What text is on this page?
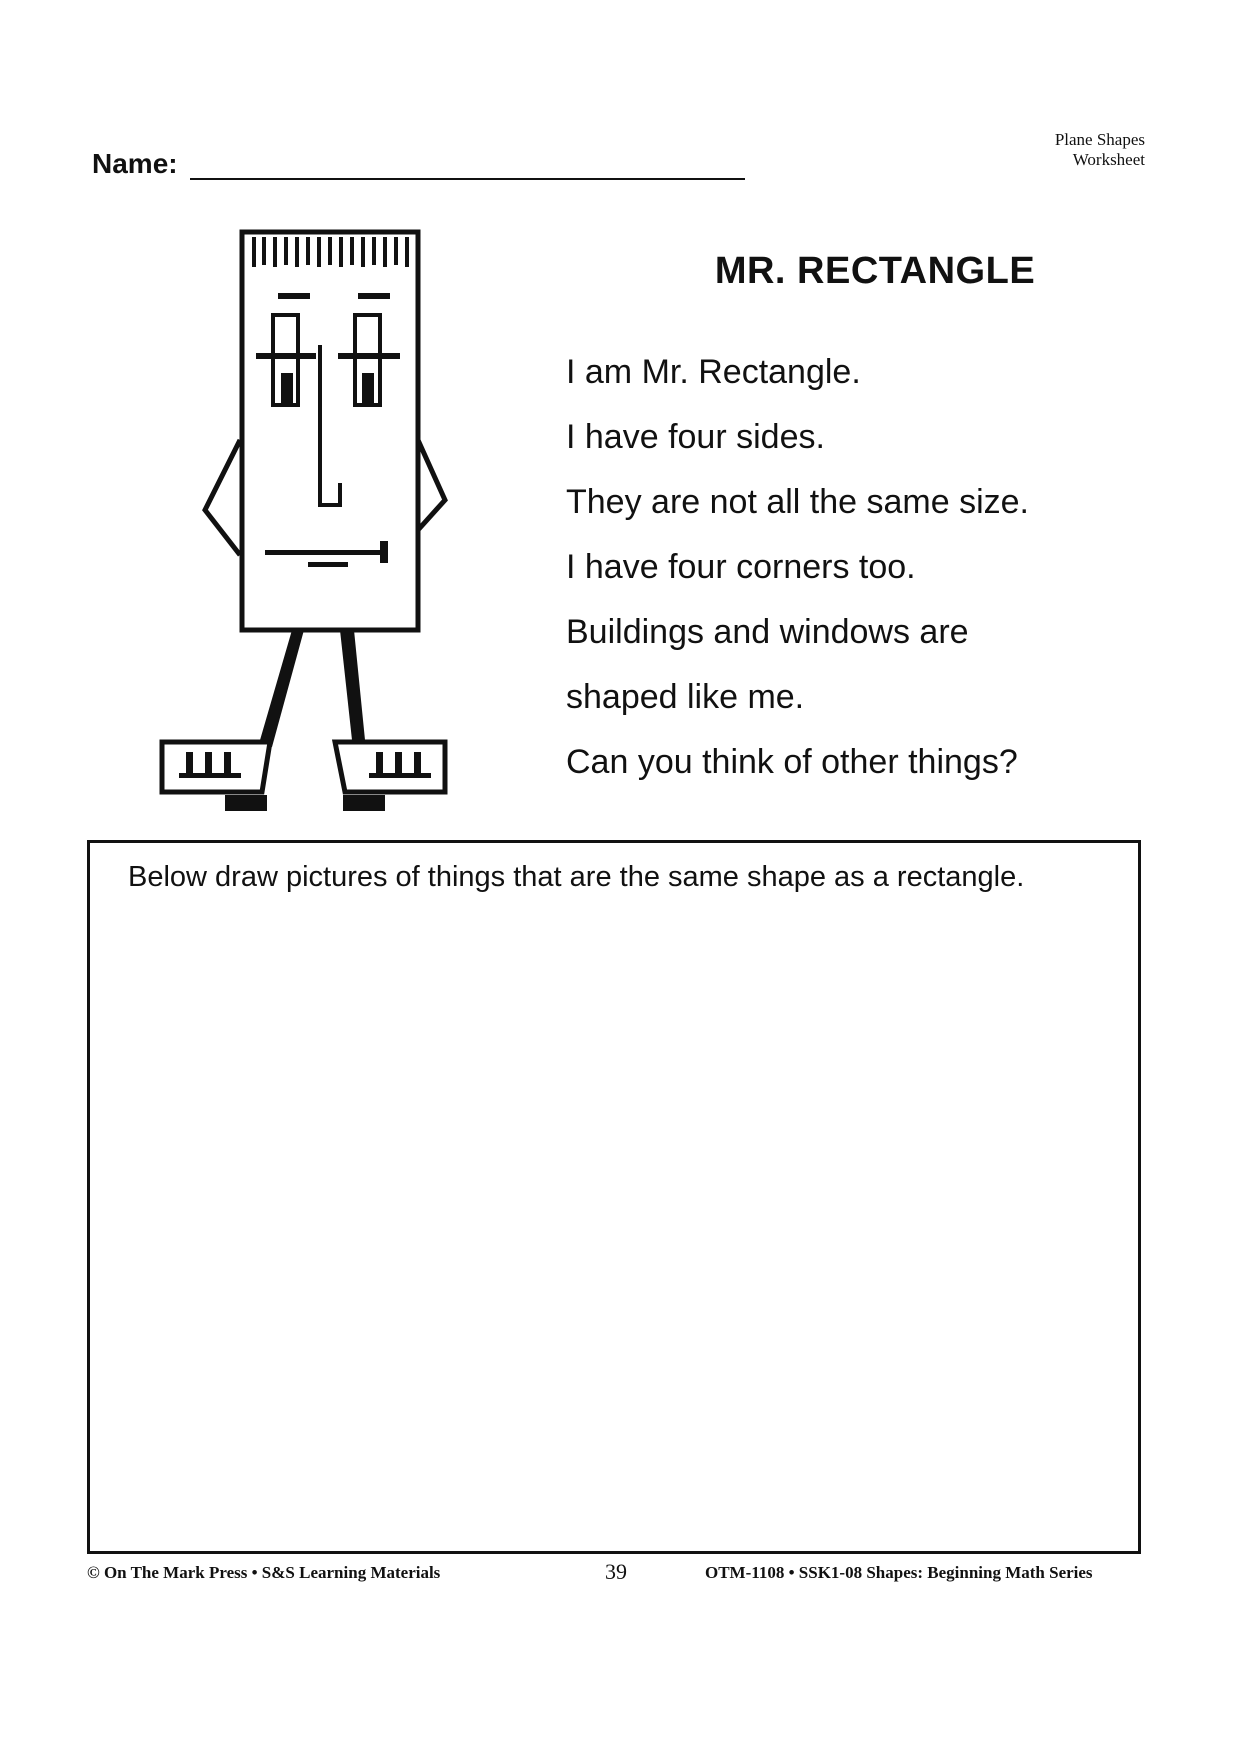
Plane Shapes Worksheet
Name:
MR. RECTANGLE
I am Mr. Rectangle.
I have four sides.
They are not all the same size.
I have four corners too.
Buildings and windows are
shaped like me.
Can you think of other things?
Below draw pictures of things that are the same shape as a rectangle.
© On The Mark Press • S&S Learning Materials	39	OTM-1108 • SSK1-08 Shapes: Beginning Math Series
